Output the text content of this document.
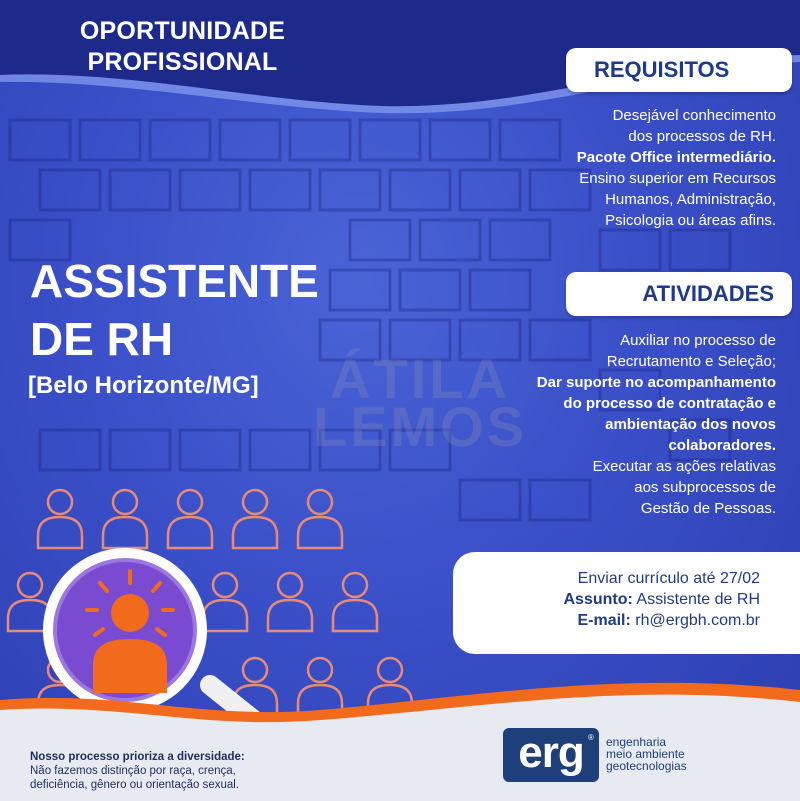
OPORTUNIDADE
PROFISSIONAL	REQUISITOS
Desejável conhecimento
dos processos de RH.
Pacote Office intermediário.
Ensino superior em Recursos
Humanos, Administração,
Psicologia ou áreas afins.
ASSISTENTE
DE RH
[Belo Horizonte/MG]	ÁTILA
LEMOS
ATIVIDADES
Auxiliar no processo de
Recrutamento e Seleção;
Dar suporte no acompanhamento
do processo de contratação e
ambientação dos novos
colaboradores.
Executar as ações relativas
aos subprocessos de
Gestão de Pessoas.
Enviar currículo até 27/02
Assunto: Assistente de RH
E-mail: rh@ergbh.com.br
Nosso processo prioriza a diversidade:
Não fazemos distinção por raça, crença,
deficiência, gênero ou orientação sexual.
erg ® engenharia
meio ambiente
geotecnologias
